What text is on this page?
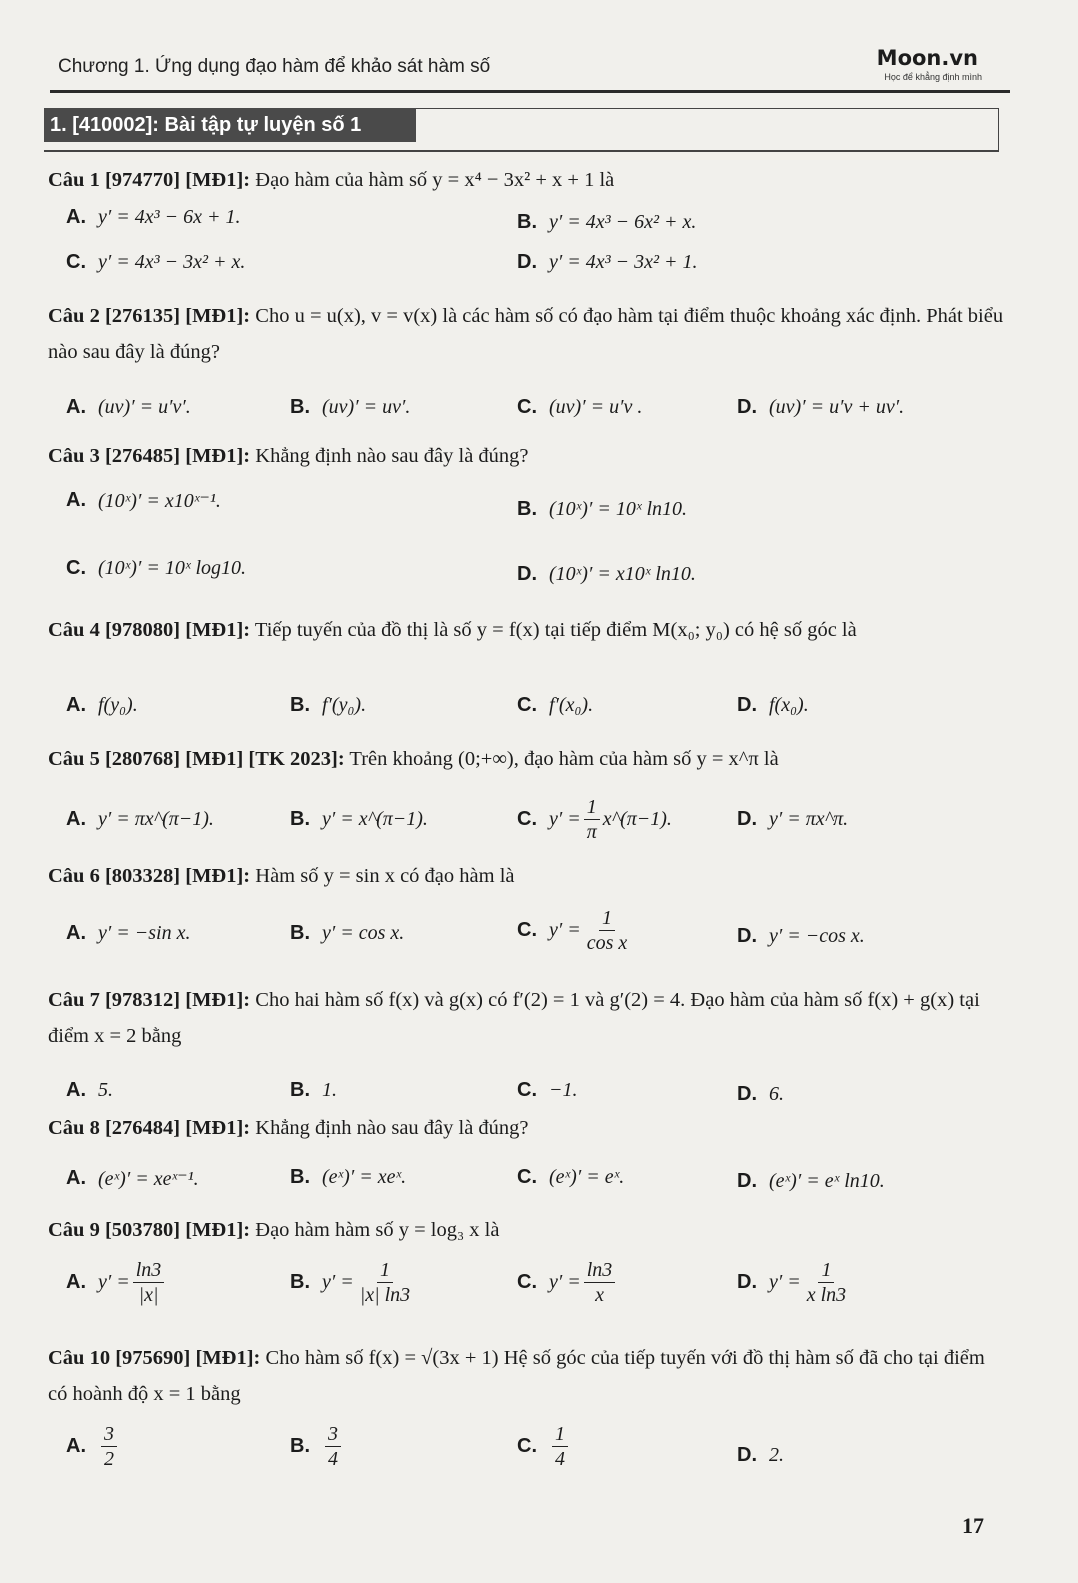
Chương 1. Ứng dụng đạo hàm để khảo sát hàm số	Moon.vn
Học để khẳng định mình
1. [410002]: Bài tập tự luyện số 1
Câu 1 [974770] [MĐ1]: Đạo hàm của hàm số y = x⁴ − 3x² + x + 1 là
A. y′ = 4x³ − 6x + 1.	B. y′ = 4x³ − 6x² + x.
C. y′ = 4x³ − 3x² + x.	D. y′ = 4x³ − 3x² + 1.
Câu 2 [276135] [MĐ1]: Cho u = u(x), v = v(x) là các hàm số có đạo hàm tại điểm thuộc khoảng xác định. Phát biểu nào sau đây là đúng?
A. (uv)′ = u′v′.	B. (uv)′ = uv′.	C. (uv)′ = u′v .	D. (uv)′ = u′v + uv′.
Câu 3 [276485] [MĐ1]: Khẳng định nào sau đây là đúng?
A. (10ˣ)′ = x10ˣ⁻¹.	B. (10ˣ)′ = 10ˣ ln10.
C. (10ˣ)′ = 10ˣ log10.	D. (10ˣ)′ = x10ˣ ln10.
Câu 4 [978080] [MĐ1]: Tiếp tuyến của đồ thị là số y = f(x) tại tiếp điểm M(x₀; y₀) có hệ số góc là
A. f(y₀).	B. f′(y₀).	C. f′(x₀).	D. f(x₀).
Câu 5 [280768] [MĐ1] [TK 2023]: Trên khoảng (0;+∞), đạo hàm của hàm số y = x^π là
A. y′ = πx^(π−1).	B. y′ = x^(π−1).	C. $y' = \frac{1}{\pi}$ x^(π−1).	D. y′ = πx^π.
Câu 6 [803328] [MĐ1]: Hàm số y = sin x có đạo hàm là
A. y′ = −sin x.	B. y′ = cos x.	C. $y' = \frac{1}{\text{cos x}}$	D. y′ = −cos x.
Câu 7 [978312] [MĐ1]: Cho hai hàm số f(x) và g(x) có f′(2) = 1 và g′(2) = 4. Đạo hàm của hàm số f(x) + g(x) tại điểm x = 2 bằng
A. 5.	B. 1.	C. −1.	D. 6.
Câu 8 [276484] [MĐ1]: Khẳng định nào sau đây là đúng?
A. (eˣ)′ = xeˣ⁻¹.	B. (eˣ)′ = xeˣ.	C. (eˣ)′ = eˣ.	D. (eˣ)′ = eˣ ln10.
Câu 9 [503780] [MĐ1]: Đạo hàm hàm số y = log₃ x là
A. $y' = \frac{\ln 3}{|x|}$	B. $y' = \frac{1}{|x| \ln 3}$	C. $y' = \frac{\ln 3}{x}$	D. $y' = \frac{1}{\text{x ln3}}$
Câu 10 [975690] [MĐ1]: Cho hàm số f(x) = √(3x + 1) Hệ số góc của tiếp tuyến với đồ thị hàm số đã cho tại điểm có hoành độ x = 1 bằng
A. $\frac{3}{2}$	B. $\frac{3}{4}$	C. $\frac{1}{4}$	D. 2.
17
